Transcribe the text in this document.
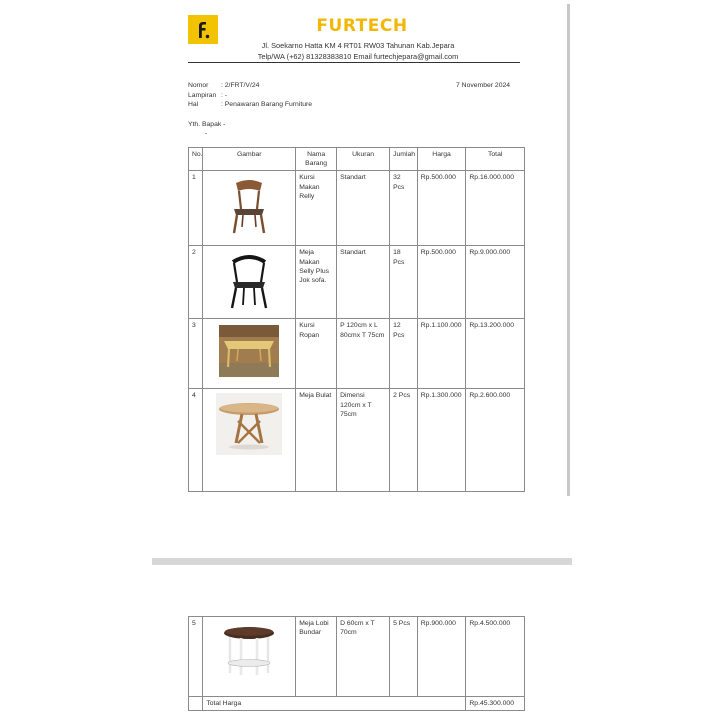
FURTECH
Jl. Soekarno Hatta KM 4 RT01 RW03 Tahunan Kab.Jepara
Telp/WA (+62) 81328383810 Email furtechjepara@gmail.com
Nomor : 2/FRT/V/24
Lampiran : -
Hal	: Penawaran Barang Furniture
7 November 2024
Yth. Bapak -
-
No.	Gambar	Nama Barang	Ukuran	Jumlah	Harga	Total
1		Kursi Makan Relly	Standart	32 Pcs	Rp.500.000	Rp.16.000.000
2		Meja Makan Selly Plus Jok sofa.	Standart	18 Pcs	Rp.500.000	Rp.9.000.000
3		Kursi Ropan	P 120cm x L 80cmx T 75cm	12 Pcs	Rp.1.100.000	Rp.13.200.000
4		Meja Bulat	Dimensi 120cm x T 75cm	2 Pcs	Rp.1.300.000	Rp.2.600.000
5		Meja Lobi Bundar	D 60cm x T 70cm	5 Pcs	Rp.900.000	Rp.4.500.000
	Total Harga					Rp.45.300.000
